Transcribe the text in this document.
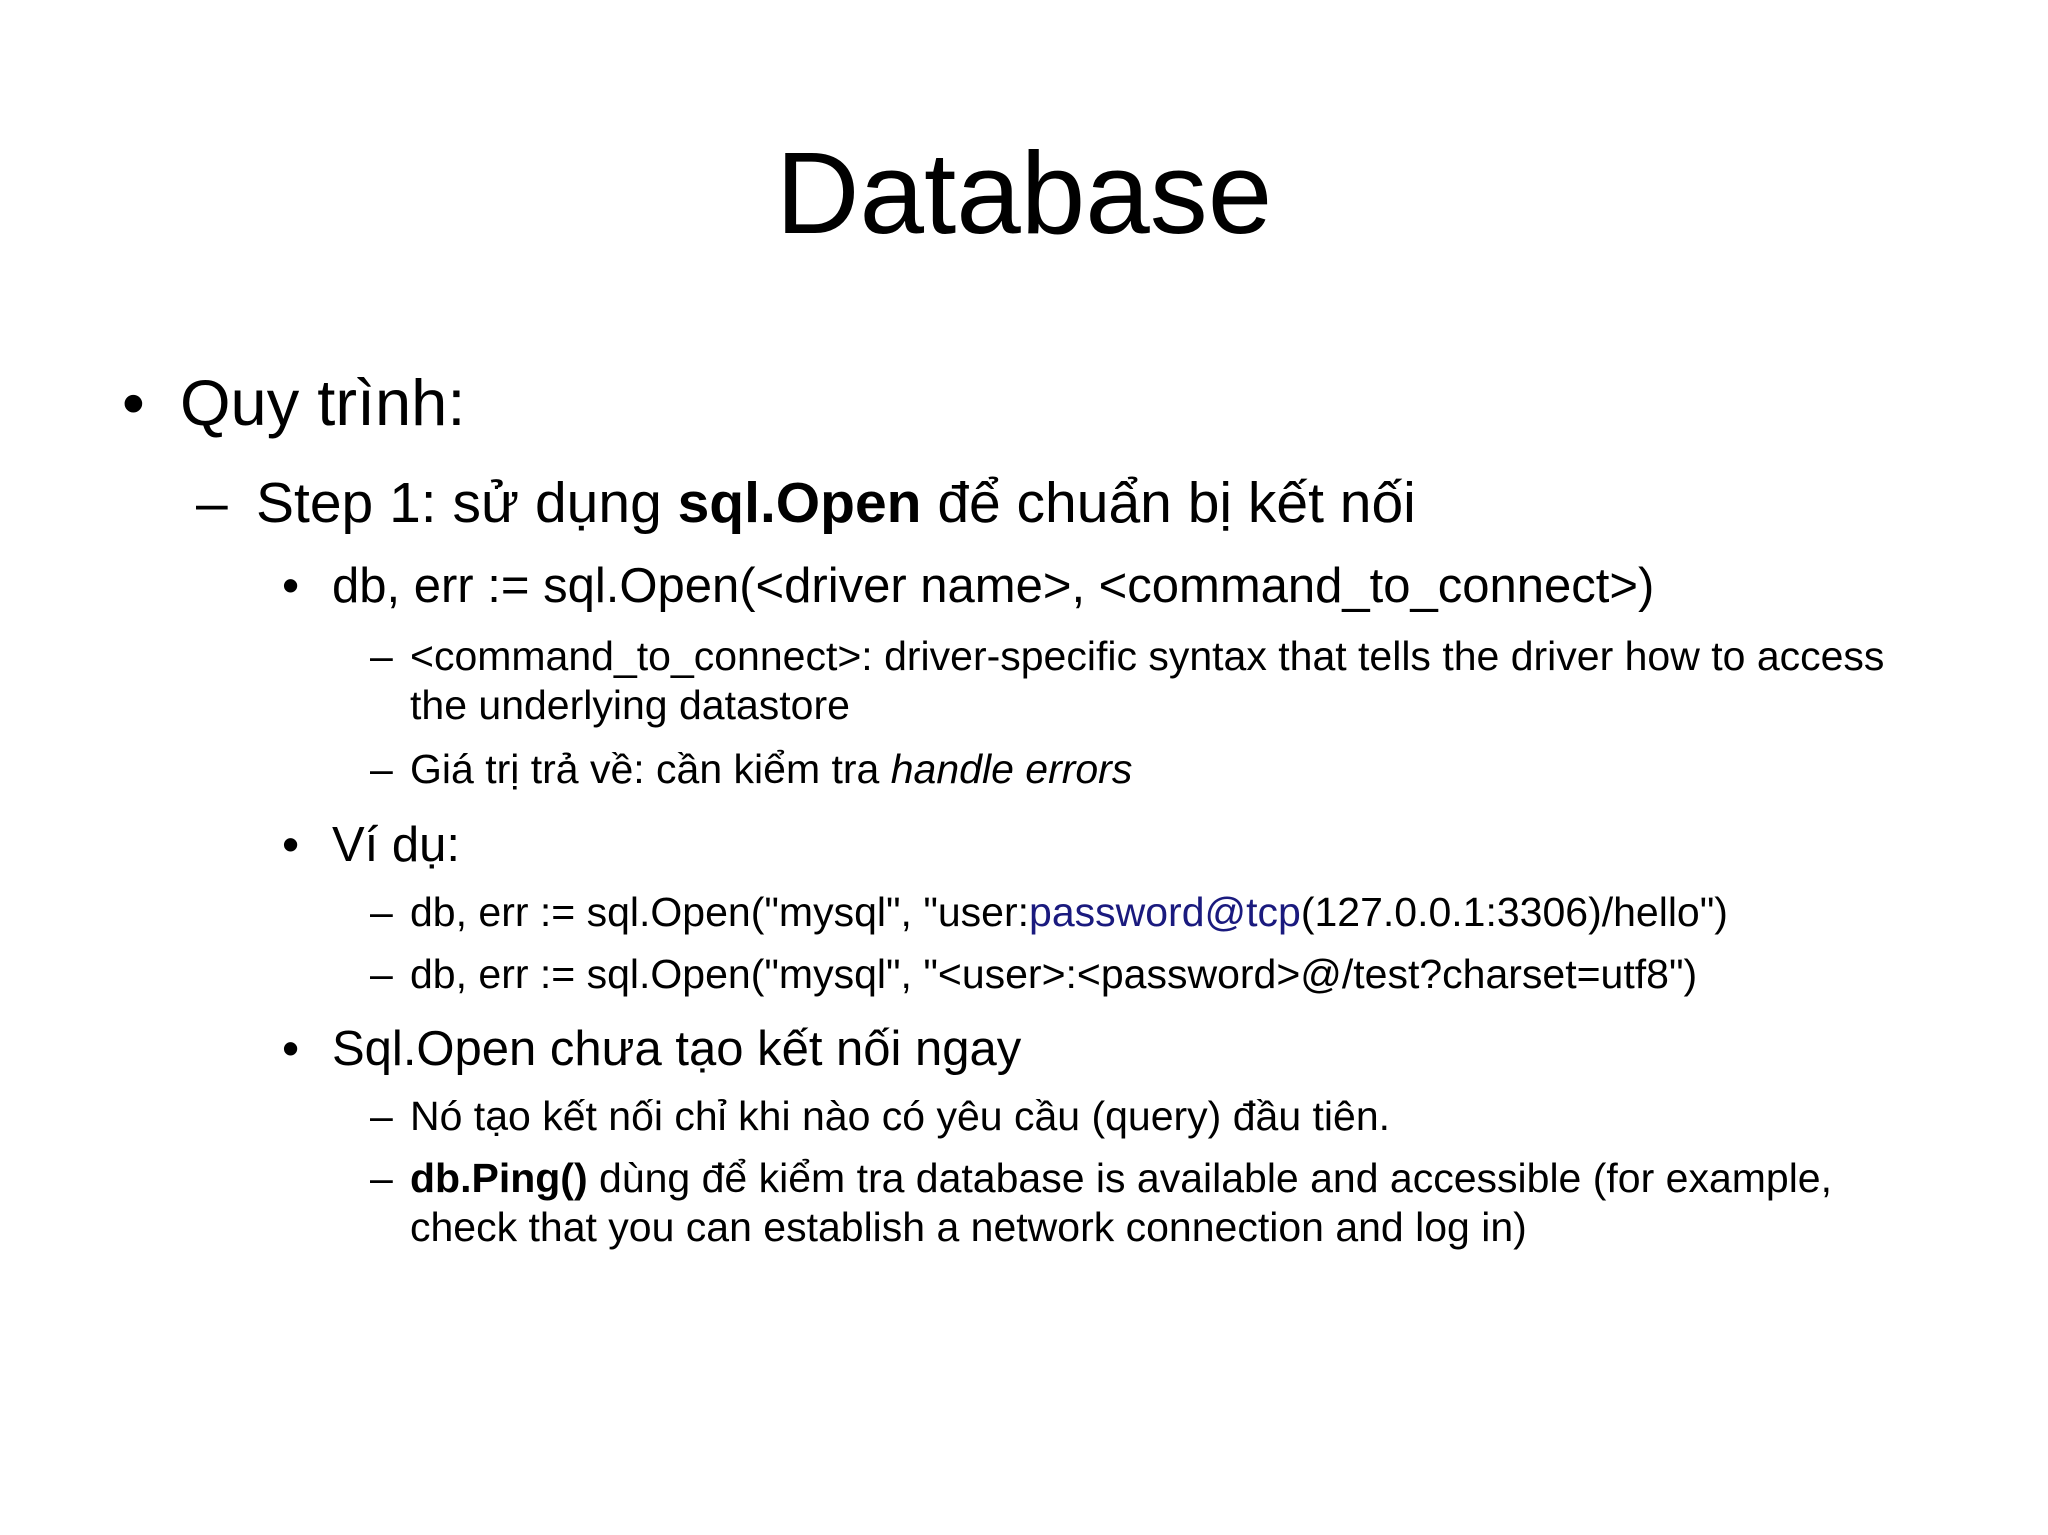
Database
• Quy trình:
– Step 1: sử dụng sql.Open để chuẩn bị kết nối
• db, err := sql.Open(<driver name>, <command_to_connect>)
– <command_to_connect>: driver-specific syntax that tells the driver how to access the underlying datastore
– Giá trị trả về: cần kiểm tra handle errors
• Ví dụ:
– db, err := sql.Open("mysql", "user:password@tcp(127.0.0.1:3306)/hello")
– db, err := sql.Open("mysql", "<user>:<password>@/test?charset=utf8")
• Sql.Open chưa tạo kết nối ngay
– Nó tạo kết nối chỉ khi nào có yêu cầu (query) đầu tiên.
– db.Ping() dùng để kiểm tra database is available and accessible (for example, check that you can establish a network connection and log in)
